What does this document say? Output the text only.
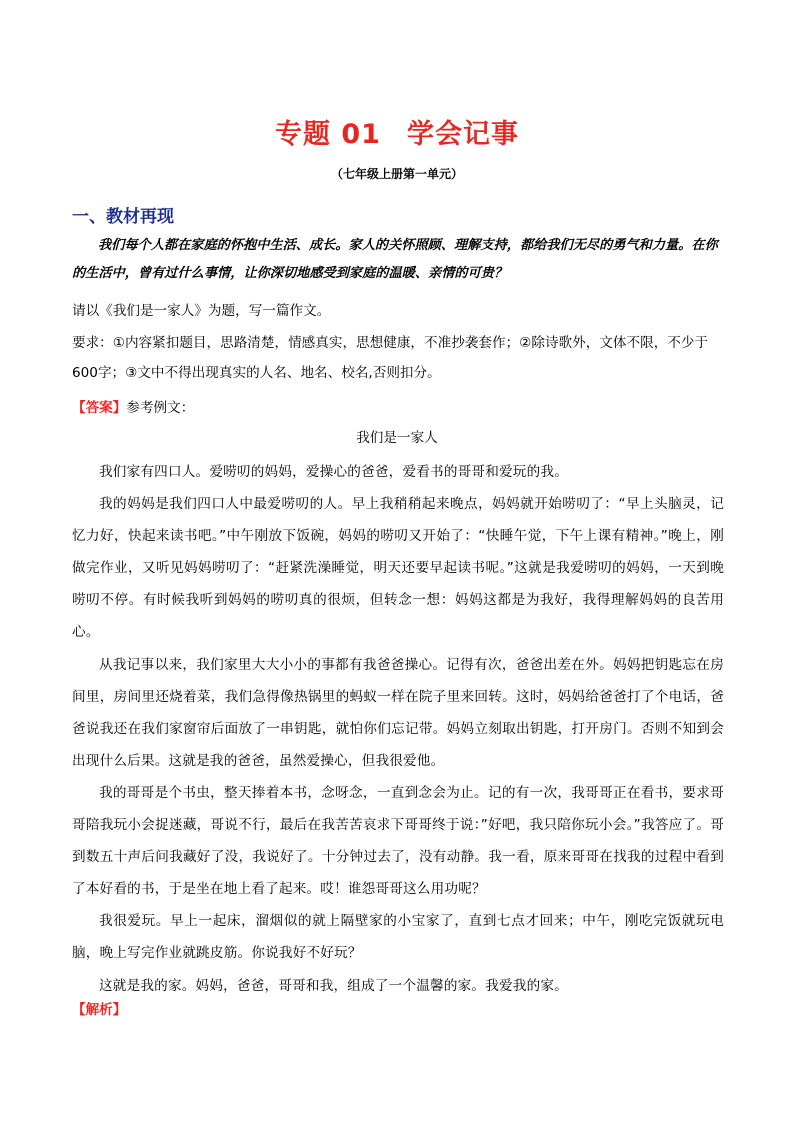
专题 01 学会记事
（七年级上册第一单元）
一、教材再现
我们每个人都在家庭的怀抱中生活、成长。家人的关怀照顾、理解支持，都给我们无尽的勇气和力量。在你的生活中，曾有过什么事情，让你深切地感受到家庭的温暖、亲情的可贵？
请以《我们是一家人》为题，写一篇作文。
要求：①内容紧扣题目，思路清楚，情感真实，思想健康，不准抄袭套作；②除诗歌外，文体不限，不少于600字；③文中不得出现真实的人名、地名、校名,否则扣分。
【答案】参考例文：
我们是一家人

我们家有四口人。爱唠叨的妈妈，爱操心的爸爸，爱看书的哥哥和爱玩的我。

我的妈妈是我们四口人中最爱唠叨的人。早上我稍稍起来晚点，妈妈就开始唠叨了：“早上头脑灵，记忆力好，快起来读书吧。”中午刚放下饭碗，妈妈的唠叨又开始了：“快睡午觉，下午上课有精神。”晚上，刚做完作业，又听见妈妈唠叨了：“赶紧洗澡睡觉，明天还要早起读书呢。”这就是我爱唠叨的妈妈，一天到晚唠叨不停。有时候我听到妈妈的唠叨真的很烦，但转念一想：妈妈这都是为我好，我得理解妈妈的良苦用心。

从我记事以来，我们家里大大小小的事都有我爸爸操心。记得有次，爸爸出差在外。妈妈把钥匙忘在房间里，房间里还烧着菜，我们急得像热锅里的蚂蚁一样在院子里来回转。这时，妈妈给爸爸打了个电话，爸爸说我还在我们家窗帘后面放了一串钥匙，就怕你们忘记带。妈妈立刻取出钥匙，打开房门。否则不知到会出现什么后果。这就是我的爸爸，虽然爱操心，但我很爱他。

我的哥哥是个书虫，整天捧着本书，念呀念，一直到念会为止。记的有一次，我哥哥正在看书，要求哥哥陪我玩小会捉迷藏，哥说不行，最后在我苦苦哀求下哥哥终于说：”好吧，我只陪你玩小会。”我答应了。哥到数五十声后问我藏好了没，我说好了。十分钟过去了，没有动静。我一看，原来哥哥在找我的过程中看到了本好看的书，于是坐在地上看了起来。哎！谁怨哥哥这么用功呢？

我很爱玩。早上一起床，溜烟似的就上隔壁家的小宝家了，直到七点才回来；中午，刚吃完饭就玩电脑，晚上写完作业就跳皮筋。你说我好不好玩？

这就是我的家。妈妈，爸爸，哥哥和我，组成了一个温馨的家。我爱我的家。

【解析】
